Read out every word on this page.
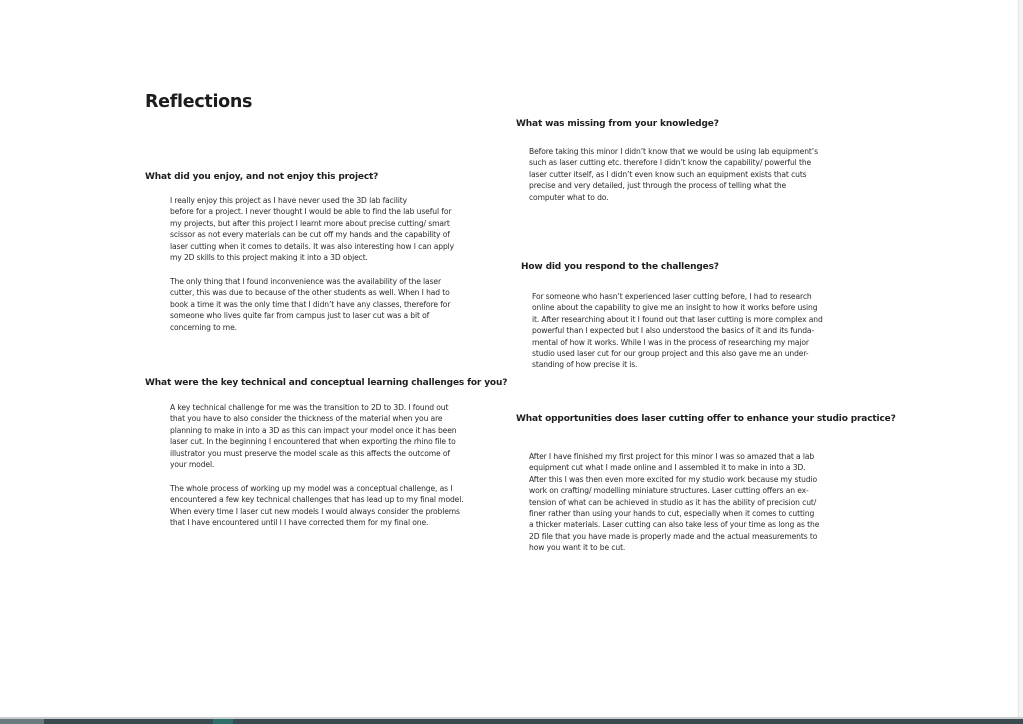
Reflections
What did you enjoy, and not enjoy this project?

I really enjoy this project as I have never used the 3D lab facility

before for a project. I never thought I would be able to find the lab useful for

my projects, but after this project I learnt more about precise cutting/ smart

scissor as not every materials can be cut off my hands and the capability of

laser cutting when it comes to details. It was also interesting how I can apply

my 2D skills to this project making it into a 3D object.

The only thing that I found inconvenience was the availability of the laser

cutter, this was due to because of the other students as well. When I had to

book a time it was the only time that I didn’t have any classes, therefore for

someone who lives quite far from campus just to laser cut was a bit of

concerning to me.

What were the key technical and conceptual learning challenges for you?

A key technical challenge for me was the transition to 2D to 3D. I found out

that you have to also consider the thickness of the material when you are

planning to make in into a 3D as this can impact your model once it has been

laser cut. In the beginning I encountered that when exporting the rhino file to

illustrator you must preserve the model scale as this affects the outcome of

your model.

The whole process of working up my model was a conceptual challenge, as I

encountered a few key technical challenges that has lead up to my final model.

When every time I laser cut new models I would always consider the problems

that I have encountered until I I have corrected them for my final one.

What was missing from your knowledge?

Before taking this minor I didn’t know that we would be using lab equipment’s

such as laser cutting etc. therefore I didn’t know the capability/ powerful the

laser cutter itself, as I didn’t even know such an equipment exists that cuts

precise and very detailed, just through the process of telling what the

computer what to do.

How did you respond to the challenges?

For someone who hasn’t experienced laser cutting before, I had to research

online about the capability to give me an insight to how it works before using

it. After researching about it I found out that laser cutting is more complex and

powerful than I expected but I also understood the basics of it and its funda-

mental of how it works. While I was in the process of researching my major

studio used laser cut for our group project and this also gave me an under-

standing of how precise it is.

What opportunities does laser cutting offer to enhance your studio practice?

After I have finished my first project for this minor I was so amazed that a lab

equipment cut what I made online and I assembled it to make in into a 3D.

After this I was then even more excited for my studio work because my studio

work on crafting/ modelling miniature structures. Laser cutting offers an ex-

tension of what can be achieved in studio as it has the ability of precision cut/

finer rather than using your hands to cut, especially when it comes to cutting

a thicker materials. Laser cutting can also take less of your time as long as the

2D file that you have made is properly made and the actual measurements to

how you want it to be cut.
